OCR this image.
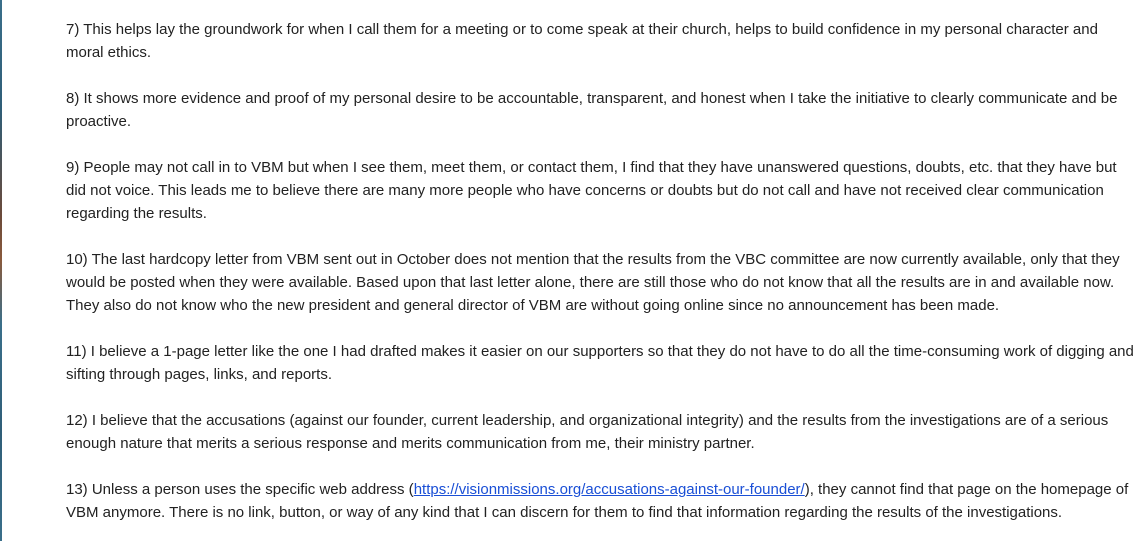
7) This helps lay the groundwork for when I call them for a meeting or to come speak at their church, helps to build confidence in my personal character and moral ethics.

8) It shows more evidence and proof of my personal desire to be accountable, transparent, and honest when I take the initiative to clearly communicate and be proactive.

9) People may not call in to VBM but when I see them, meet them, or contact them, I find that they have unanswered questions, doubts, etc. that they have but did not voice. This leads me to believe there are many more people who have concerns or doubts but do not call and have not received clear communication regarding the results.

10) The last hardcopy letter from VBM sent out in October does not mention that the results from the VBC committee are now currently available, only that they would be posted when they were available. Based upon that last letter alone, there are still those who do not know that all the results are in and available now. They also do not know who the new president and general director of VBM are without going online since no announcement has been made.

11) I believe a 1-page letter like the one I had drafted makes it easier on our supporters so that they do not have to do all the time-consuming work of digging and sifting through pages, links, and reports.

12) I believe that the accusations (against our founder, current leadership, and organizational integrity) and the results from the investigations are of a serious enough nature that merits a serious response and merits communication from me, their ministry partner.

13) Unless a person uses the specific web address (https://visionmissions.org/accusations-against-our-founder/), they cannot find that page on the homepage of VBM anymore. There is no link, button, or way of any kind that I can discern for them to find that information regarding the results of the investigations.
